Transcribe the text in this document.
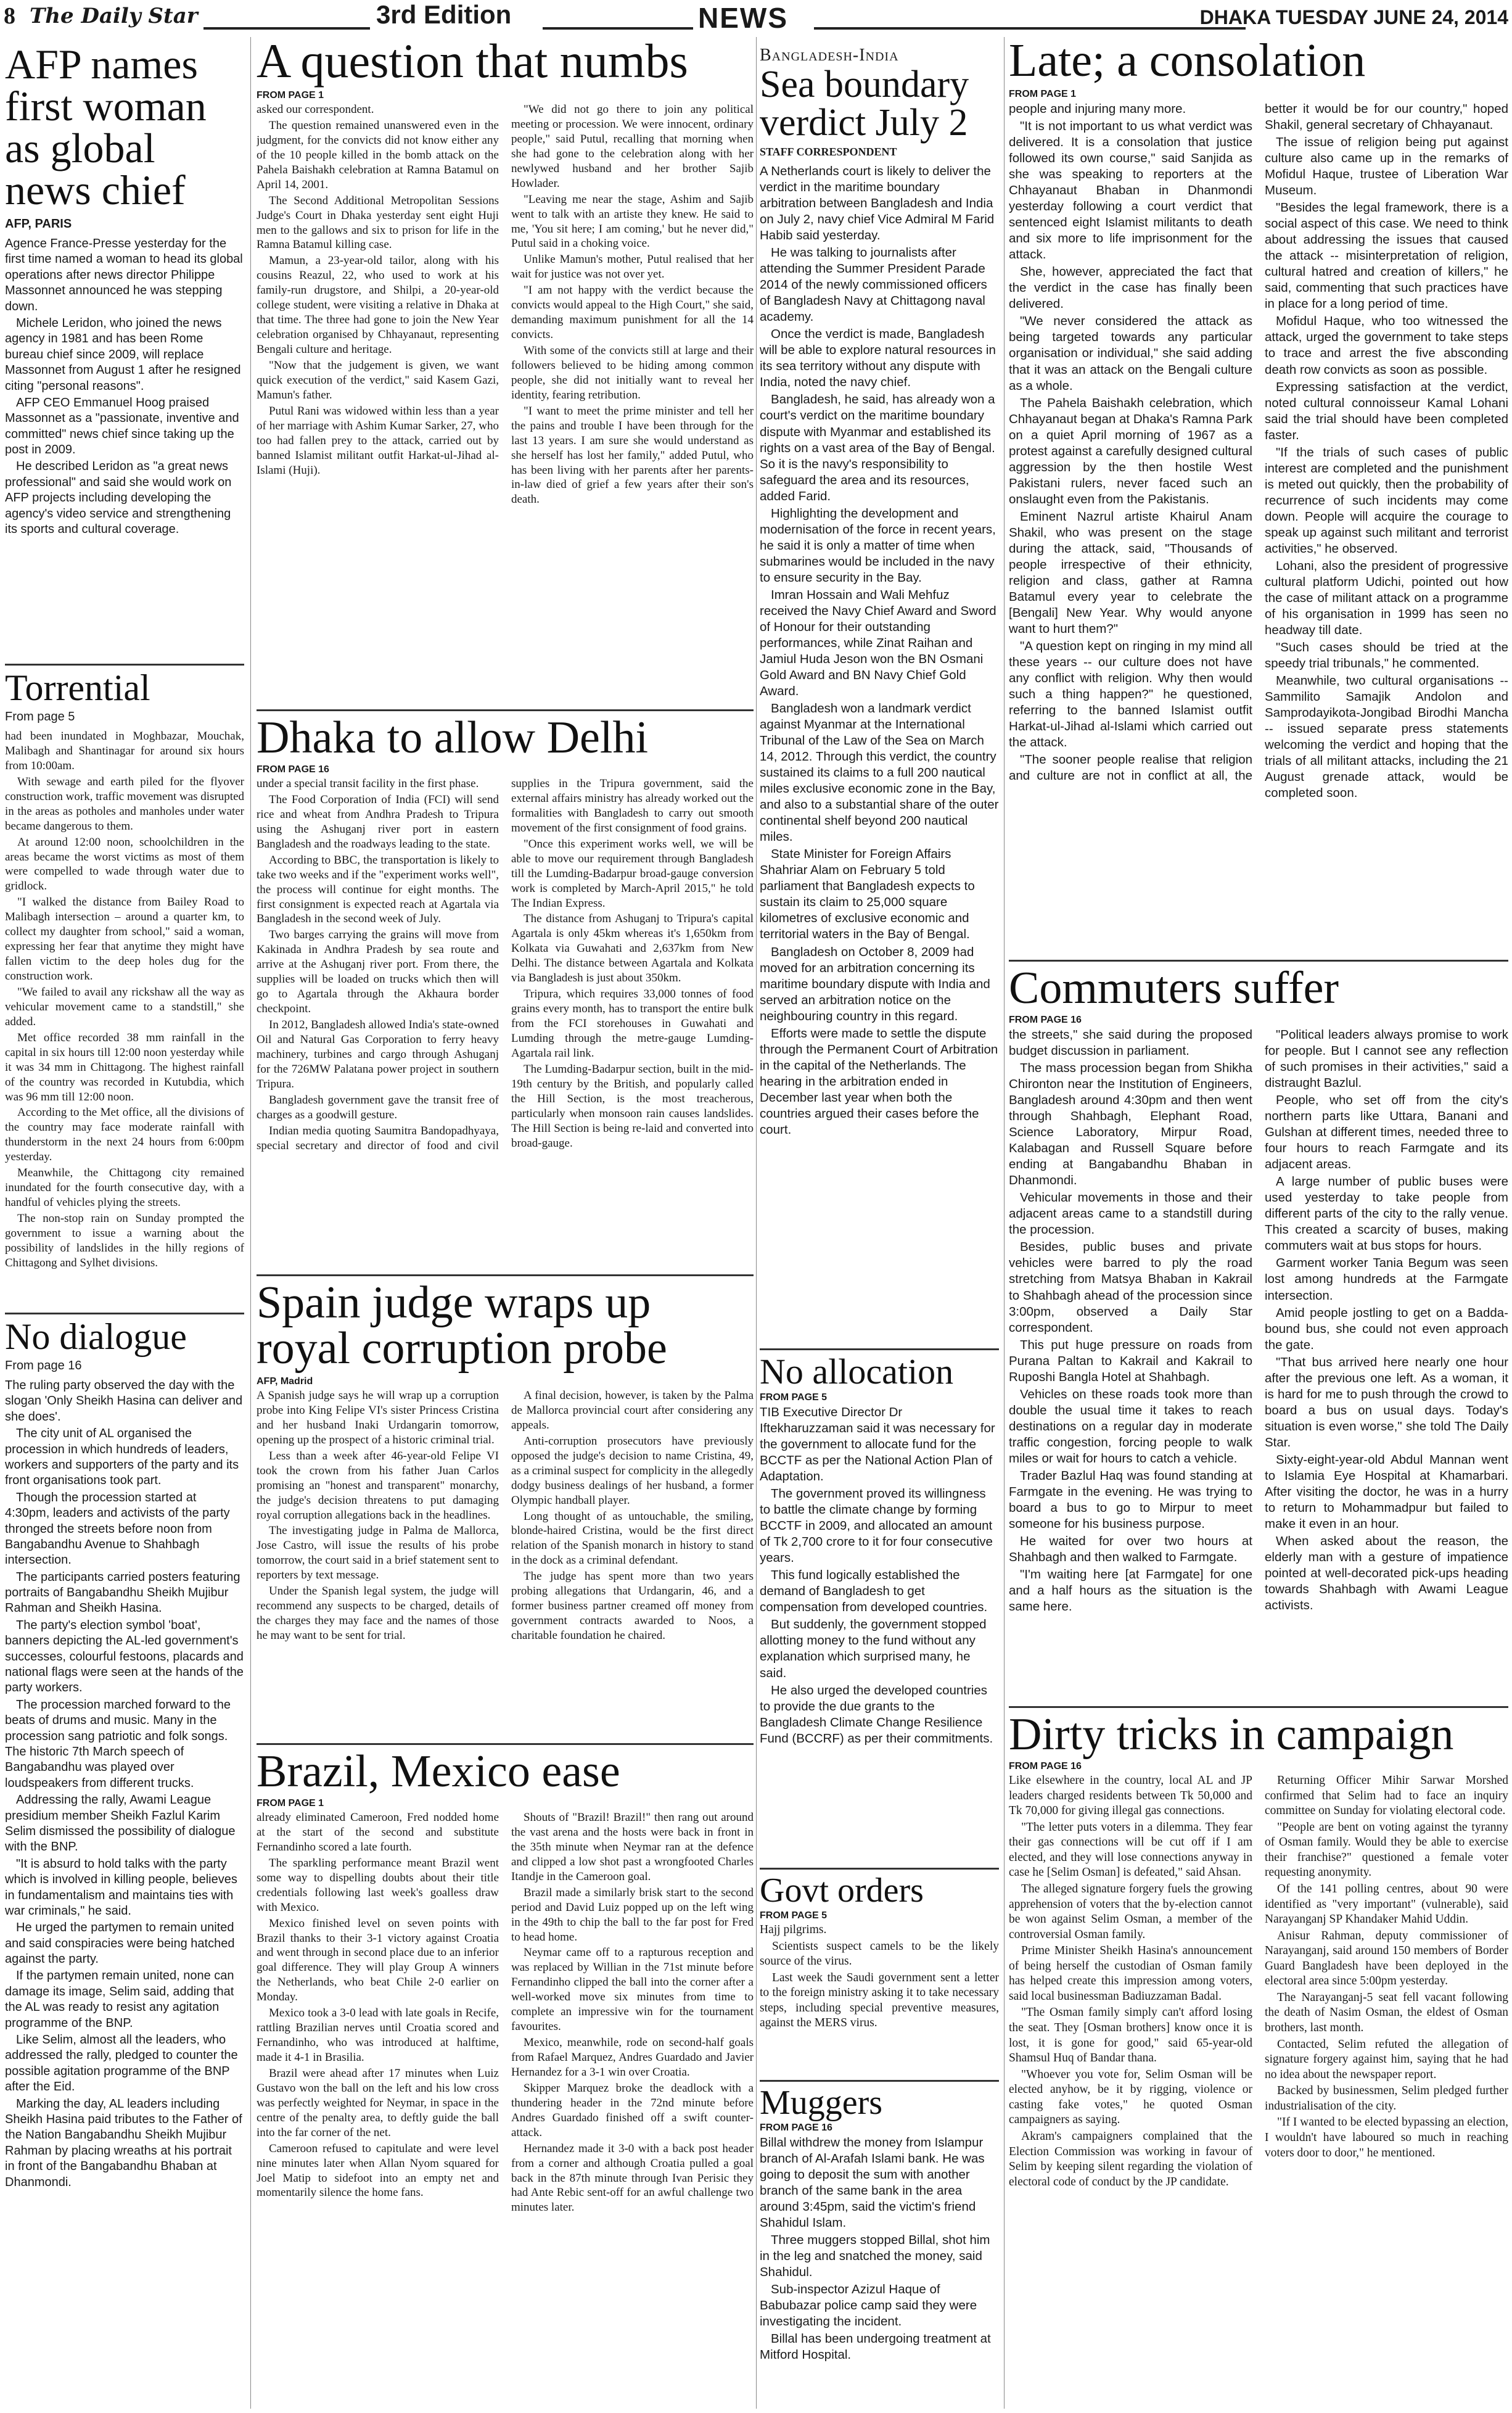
8 The Daily Star	3rd Edition	NEWS	DHAKA TUESDAY JUNE 24, 2014
AFP names first woman as global news chief
AFP, PARIS

Agence France-Presse yesterday for the first time named a woman to head its global operations after news director Philippe Massonnet announced he was stepping down.

Michele Leridon, who joined the news agency in 1981 and has been Rome bureau chief since 2009, will replace Massonnet from August 1 after he resigned citing "personal reasons".

AFP CEO Emmanuel Hoog praised Massonnet as a "passionate, inventive and committed" news chief since taking up the post in 2009.

He described Leridon as "a great news professional" and said she would work on AFP projects including developing the agency's video service and strengthening its sports and cultural coverage.

Torrential
From page 5

had been inundated in Moghbazar, Mouchak, Malibagh and Shantinagar for around six hours from 10:00am.

With sewage and earth piled for the flyover construction work, traffic movement was disrupted in the areas as potholes and manholes under water became dangerous to them.

At around 12:00 noon, schoolchildren in the areas became the worst victims as most of them were compelled to wade through water due to gridlock.

"I walked the distance from Bailey Road to Malibagh intersection – around a quarter km, to collect my daughter from school," said a woman, expressing her fear that anytime they might have fallen victim to the deep holes dug for the construction work.

"We failed to avail any rickshaw all the way as vehicular movement came to a standstill," she added.

Met office recorded 38 mm rainfall in the capital in six hours till 12:00 noon yesterday while it was 34 mm in Chittagong. The highest rainfall of the country was recorded in Kutubdia, which was 96 mm till 12:00 noon.

According to the Met office, all the divisions of the country may face moderate rainfall with thunderstorm in the next 24 hours from 6:00pm yesterday.

Meanwhile, the Chittagong city remained inundated for the fourth consecutive day, with a handful of vehicles plying the streets.

The non-stop rain on Sunday prompted the government to issue a warning about the possibility of landslides in the hilly regions of Chittagong and Sylhet divisions.

No dialogue
From page 16

The ruling party observed the day with the slogan 'Only Sheikh Hasina can deliver and she does'.

The city unit of AL organised the procession in which hundreds of leaders, workers and supporters of the party and its front organisations took part.

Though the procession started at 4:30pm, leaders and activists of the party thronged the streets before noon from Bangabandhu Avenue to Shahbagh intersection.

The participants carried posters featuring portraits of Bangabandhu Sheikh Mujibur Rahman and Sheikh Hasina.

The party's election symbol 'boat', banners depicting the AL-led government's successes, colourful festoons, placards and national flags were seen at the hands of the party workers.

The procession marched forward to the beats of drums and music. Many in the procession sang patriotic and folk songs. The historic 7th March speech of Bangabandhu was played over loudspeakers from different trucks.

Addressing the rally, Awami League presidium member Sheikh Fazlul Karim Selim dismissed the possibility of dialogue with the BNP.

"It is absurd to hold talks with the party which is involved in killing people, believes in fundamentalism and maintains ties with war criminals," he said.

He urged the partymen to remain united and said conspiracies were being hatched against the party.

If the partymen remain united, none can damage its image, Selim said, adding that the AL was ready to resist any agitation programme of the BNP.

Like Selim, almost all the leaders, who addressed the rally, pledged to counter the possible agitation programme of the BNP after the Eid.

Marking the day, AL leaders including Sheikh Hasina paid tributes to the Father of the Nation Bangabandhu Sheikh Mujibur Rahman by placing wreaths at his portrait in front of the Bangabandhu Bhaban at Dhanmondi.

A question that numbs
FROM PAGE 1

asked our correspondent.

The question remained unanswered even in the judgment, for the convicts did not know either any of the 10 people killed in the bomb attack on the Pahela Baishakh celebration at Ramna Batamul on April 14, 2001.

The Second Additional Metropolitan Sessions Judge's Court in Dhaka yesterday sent eight Huji men to the gallows and six to prison for life in the Ramna Batamul killing case.

Mamun, a 23-year-old tailor, along with his cousins Reazul, 22, who used to work at his family-run drugstore, and Shilpi, a 20-year-old college student, were visiting a relative in Dhaka at that time. The three had gone to join the New Year celebration organised by Chhayanaut, representing Bengali culture and heritage.

"Now that the judgement is given, we want quick execution of the verdict," said Kasem Gazi, Mamun's father.

Putul Rani was widowed within less than a year of her marriage with Ashim Kumar Sarker, 27, who too had fallen prey to the attack, carried out by banned Islamist militant outfit Harkat-ul-Jihad al-Islami (Huji).

"We did not go there to join any political meeting or procession. We were innocent, ordinary people," said Putul, recalling that morning when she had gone to the celebration along with her newlywed husband and her brother Sajib Howlader.

"Leaving me near the stage, Ashim and Sajib went to talk with an artiste they knew. He said to me, 'You sit here; I am coming,' but he never did," Putul said in a choking voice.

Unlike Mamun's mother, Putul realised that her wait for justice was not over yet.

"I am not happy with the verdict because the convicts would appeal to the High Court," she said, demanding maximum punishment for all the 14 convicts.

With some of the convicts still at large and their followers believed to be hiding among common people, she did not initially want to reveal her identity, fearing retribution.

"I want to meet the prime minister and tell her the pains and trouble I have been through for the last 13 years. I am sure she would understand as she herself has lost her family," added Putul, who has been living with her parents after her parents-in-law died of grief a few years after their son's death.

Dhaka to allow Delhi
FROM PAGE 16

under a special transit facility in the first phase.

The Food Corporation of India (FCI) will send rice and wheat from Andhra Pradesh to Tripura using the Ashuganj river port in eastern Bangladesh and the roadways leading to the state.

According to BBC, the transportation is likely to take two weeks and if the "experiment works well", the process will continue for eight months. The first consignment is expected reach at Agartala via Bangladesh in the second week of July.

Two barges carrying the grains will move from Kakinada in Andhra Pradesh by sea route and arrive at the Ashuganj river port. From there, the supplies will be loaded on trucks which then will go to Agartala through the Akhaura border checkpoint.

In 2012, Bangladesh allowed India's state-owned Oil and Natural Gas Corporation to ferry heavy machinery, turbines and cargo through Ashuganj for the 726MW Palatana power project in southern Tripura.

Bangladesh government gave the transit free of charges as a goodwill gesture.

Indian media quoting Saumitra Bandopadhyaya, special secretary and director of food and civil supplies in the Tripura government, said the external affairs ministry has already worked out the formalities with Bangladesh to carry out smooth movement of the first consignment of food grains.

"Once this experiment works well, we will be able to move our requirement through Bangladesh till the Lumding-Badarpur broad-gauge conversion work is completed by March-April 2015," he told The Indian Express.

The distance from Ashuganj to Tripura's capital Agartala is only 45km whereas it's 1,650km from Kolkata via Guwahati and 2,637km from New Delhi. The distance between Agartala and Kolkata via Bangladesh is just about 350km.

Tripura, which requires 33,000 tonnes of food grains every month, has to transport the entire bulk from the FCI storehouses in Guwahati and Lumding through the metre-gauge Lumding-Agartala rail link.

The Lumding-Badarpur section, built in the mid-19th century by the British, and popularly called the Hill Section, is the most treacherous, particularly when monsoon rain causes landslides. The Hill Section is being re-laid and converted into broad-gauge.

Spain judge wraps up royal corruption probe
AFP, Madrid

A Spanish judge says he will wrap up a corruption probe into King Felipe VI's sister Princess Cristina and her husband Inaki Urdangarin tomorrow, opening up the prospect of a historic criminal trial.

Less than a week after 46-year-old Felipe VI took the crown from his father Juan Carlos promising an "honest and transparent" monarchy, the judge's decision threatens to put damaging royal corruption allegations back in the headlines.

The investigating judge in Palma de Mallorca, Jose Castro, will issue the results of his probe tomorrow, the court said in a brief statement sent to reporters by text message.

Under the Spanish legal system, the judge will recommend any suspects to be charged, details of the charges they may face and the names of those he may want to be sent for trial.

A final decision, however, is taken by the Palma de Mallorca provincial court after considering any appeals.

Anti-corruption prosecutors have previously opposed the judge's decision to name Cristina, 49, as a criminal suspect for complicity in the allegedly dodgy business dealings of her husband, a former Olympic handball player.

Long thought of as untouchable, the smiling, blonde-haired Cristina, would be the first direct relation of the Spanish monarch in history to stand in the dock as a criminal defendant.

The judge has spent more than two years probing allegations that Urdangarin, 46, and a former business partner creamed off money from government contracts awarded to Noos, a charitable foundation he chaired.

Brazil, Mexico ease
FROM PAGE 1

already eliminated Cameroon, Fred nodded home at the start of the second and substitute Fernandinho scored a late fourth.

The sparkling performance meant Brazil went some way to dispelling doubts about their title credentials following last week's goalless draw with Mexico.

Mexico finished level on seven points with Brazil thanks to their 3-1 victory against Croatia and went through in second place due to an inferior goal difference. They will play Group A winners the Netherlands, who beat Chile 2-0 earlier on Monday.

Mexico took a 3-0 lead with late goals in Recife, rattling Brazilian nerves until Croatia scored and Fernandinho, who was introduced at halftime, made it 4-1 in Brasilia.

Brazil were ahead after 17 minutes when Luiz Gustavo won the ball on the left and his low cross was perfectly weighted for Neymar, in space in the centre of the penalty area, to deftly guide the ball into the far corner of the net.

Cameroon refused to capitulate and were level nine minutes later when Allan Nyom squared for Joel Matip to sidefoot into an empty net and momentarily silence the home fans.

Shouts of "Brazil! Brazil!" then rang out around the vast arena and the hosts were back in front in the 35th minute when Neymar ran at the defence and clipped a low shot past a wrongfooted Charles Itandje in the Cameroon goal.

Brazil made a similarly brisk start to the second period and David Luiz popped up on the left wing in the 49th to chip the ball to the far post for Fred to head home.

Neymar came off to a rapturous reception and was replaced by Willian in the 71st minute before Fernandinho clipped the ball into the corner after a well-worked move six minutes from time to complete an impressive win for the tournament favourites.

Mexico, meanwhile, rode on second-half goals from Rafael Marquez, Andres Guardado and Javier Hernandez for a 3-1 win over Croatia.

Skipper Marquez broke the deadlock with a thundering header in the 72nd minute before Andres Guardado finished off a swift counter-attack.

Hernandez made it 3-0 with a back post header from a corner and although Croatia pulled a goal back in the 87th minute through Ivan Perisic they had Ante Rebic sent-off for an awful challenge two minutes later.

Bangladesh-India
Sea boundary verdict July 2
STAFF CORRESPONDENT

A Netherlands court is likely to deliver the verdict in the maritime boundary arbitration between Bangladesh and India on July 2, navy chief Vice Admiral M Farid Habib said yesterday.

He was talking to journalists after attending the Summer President Parade 2014 of the newly commissioned officers of Bangladesh Navy at Chittagong naval academy.

Once the verdict is made, Bangladesh will be able to explore natural resources in its sea territory without any dispute with India, noted the navy chief.

Bangladesh, he said, has already won a court's verdict on the maritime boundary dispute with Myanmar and established its rights on a vast area of the Bay of Bengal. So it is the navy's responsibility to safeguard the area and its resources, added Farid.

Highlighting the development and modernisation of the force in recent years, he said it is only a matter of time when submarines would be included in the navy to ensure security in the Bay.

Imran Hossain and Wali Mehfuz received the Navy Chief Award and Sword of Honour for their outstanding performances, while Zinat Raihan and Jamiul Huda Jeson won the BN Osmani Gold Award and BN Navy Chief Gold Award.

Bangladesh won a landmark verdict against Myanmar at the International Tribunal of the Law of the Sea on March 14, 2012. Through this verdict, the country sustained its claims to a full 200 nautical miles exclusive economic zone in the Bay, and also to a substantial share of the outer continental shelf beyond 200 nautical miles.

State Minister for Foreign Affairs Shahriar Alam on February 5 told parliament that Bangladesh expects to sustain its claim to 25,000 square kilometres of exclusive economic and territorial waters in the Bay of Bengal.

Bangladesh on October 8, 2009 had moved for an arbitration concerning its maritime boundary dispute with India and served an arbitration notice on the neighbouring country in this regard.

Efforts were made to settle the dispute through the Permanent Court of Arbitration in the capital of the Netherlands. The hearing in the arbitration ended in December last year when both the countries argued their cases before the court.

No allocation
FROM PAGE 5

TIB Executive Director Dr Iftekharuzzaman said it was necessary for the government to allocate fund for the BCCTF as per the National Action Plan of Adaptation.

The government proved its willingness to battle the climate change by forming BCCTF in 2009, and allocated an amount of Tk 2,700 crore to it for four consecutive years.

This fund logically established the demand of Bangladesh to get compensation from developed countries.

But suddenly, the government stopped allotting money to the fund without any explanation which surprised many, he said.

He also urged the developed countries to provide the due grants to the Bangladesh Climate Change Resilience Fund (BCCRF) as per their commitments.

Govt orders
FROM PAGE 5

Hajj pilgrims.

Scientists suspect camels to be the likely source of the virus.

Last week the Saudi government sent a letter to the foreign ministry asking it to take necessary steps, including special preventive measures, against the MERS virus.

Muggers
FROM PAGE 16

Billal withdrew the money from Islampur branch of Al-Arafah Islami bank. He was going to deposit the sum with another branch of the same bank in the area around 3:45pm, said the victim's friend Shahidul Islam.

Three muggers stopped Billal, shot him in the leg and snatched the money, said Shahidul.

Sub-inspector Azizul Haque of Babubazar police camp said they were investigating the incident.

Billal has been undergoing treatment at Mitford Hospital.

Late; a consolation
FROM PAGE 1

people and injuring many more.

"It is not important to us what verdict was delivered. It is a consolation that justice followed its own course," said Sanjida as she was speaking to reporters at the Chhayanaut Bhaban in Dhanmondi yesterday following a court verdict that sentenced eight Islamist militants to death and six more to life imprisonment for the attack.

She, however, appreciated the fact that the verdict in the case has finally been delivered.

"We never considered the attack as being targeted towards any particular organisation or individual," she said adding that it was an attack on the Bengali culture as a whole.

The Pahela Baishakh celebration, which Chhayanaut began at Dhaka's Ramna Park on a quiet April morning of 1967 as a protest against a carefully designed cultural aggression by the then hostile West Pakistani rulers, never faced such an onslaught even from the Pakistanis.

Eminent Nazrul artiste Khairul Anam Shakil, who was present on the stage during the attack, said, "Thousands of people irrespective of their ethnicity, religion and class, gather at Ramna Batamul every year to celebrate the [Bengali] New Year. Why would anyone want to hurt them?"

"A question kept on ringing in my mind all these years -- our culture does not have any conflict with religion. Why then would such a thing happen?" he questioned, referring to the banned Islamist outfit Harkat-ul-Jihad al-Islami which carried out the attack.

"The sooner people realise that religion and culture are not in conflict at all, the better it would be for our country," hoped Shakil, general secretary of Chhayanaut.

The issue of religion being put against culture also came up in the remarks of Mofidul Haque, trustee of Liberation War Museum.

"Besides the legal framework, there is a social aspect of this case. We need to think about addressing the issues that caused the attack -- misinterpretation of religion, cultural hatred and creation of killers," he said, commenting that such practices have in place for a long period of time.

Mofidul Haque, who too witnessed the attack, urged the government to take steps to trace and arrest the five absconding death row convicts as soon as possible.

Expressing satisfaction at the verdict, noted cultural connoisseur Kamal Lohani said the trial should have been completed faster.

"If the trials of such cases of public interest are completed and the punishment is meted out quickly, then the probability of recurrence of such incidents may come down. People will acquire the courage to speak up against such militant and terrorist activities," he observed.

Lohani, also the president of progressive cultural platform Udichi, pointed out how the case of militant attack on a programme of his organisation in 1999 has seen no headway till date.

"Such cases should be tried at the speedy trial tribunals," he commented.

Meanwhile, two cultural organisations -- Sammilito Samajik Andolon and Samprodayikota-Jongibad Birodhi Mancha -- issued separate press statements welcoming the verdict and hoping that the trials of all militant attacks, including the 21 August grenade attack, would be completed soon.

Commuters suffer
FROM PAGE 16

the streets," she said during the proposed budget discussion in parliament.

The mass procession began from Shikha Chironton near the Institution of Engineers, Bangladesh around 4:30pm and then went through Shahbagh, Elephant Road, Science Laboratory, Mirpur Road, Kalabagan and Russell Square before ending at Bangabandhu Bhaban in Dhanmondi.

Vehicular movements in those and their adjacent areas came to a standstill during the procession.

Besides, public buses and private vehicles were barred to ply the road stretching from Matsya Bhaban in Kakrail to Shahbagh ahead of the procession since 3:00pm, observed a Daily Star correspondent.

This put huge pressure on roads from Purana Paltan to Kakrail and Kakrail to Ruposhi Bangla Hotel at Shahbagh.

Vehicles on these roads took more than double the usual time it takes to reach destinations on a regular day in moderate traffic congestion, forcing people to walk miles or wait for hours to catch a vehicle.

Trader Bazlul Haq was found standing at Farmgate in the evening. He was trying to board a bus to go to Mirpur to meet someone for his business purpose.

He waited for over two hours at Shahbagh and then walked to Farmgate.

"I'm waiting here [at Farmgate] for one and a half hours as the situation is the same here.

"Political leaders always promise to work for people. But I cannot see any reflection of such promises in their activities," said a distraught Bazlul.

People, who set off from the city's northern parts like Uttara, Banani and Gulshan at different times, needed three to four hours to reach Farmgate and its adjacent areas.

A large number of public buses were used yesterday to take people from different parts of the city to the rally venue. This created a scarcity of buses, making commuters wait at bus stops for hours.

Garment worker Tania Begum was seen lost among hundreds at the Farmgate intersection.

Amid people jostling to get on a Badda-bound bus, she could not even approach the gate.

"That bus arrived here nearly one hour after the previous one left. As a woman, it is hard for me to push through the crowd to board a bus on usual days. Today's situation is even worse," she told The Daily Star.

Sixty-eight-year-old Abdul Mannan went to Islamia Eye Hospital at Khamarbari. After visiting the doctor, he was in a hurry to return to Mohammadpur but failed to make it even in an hour.

When asked about the reason, the elderly man with a gesture of impatience pointed at well-decorated pick-ups heading towards Shahbagh with Awami League activists.

Dirty tricks in campaign
FROM PAGE 16

Like elsewhere in the country, local AL and JP leaders charged residents between Tk 50,000 and Tk 70,000 for giving illegal gas connections.

"The letter puts voters in a dilemma. They fear their gas connections will be cut off if I am elected, and they will lose connections anyway in case he [Selim Osman] is defeated," said Ahsan.

The alleged signature forgery fuels the growing apprehension of voters that the by-election cannot be won against Selim Osman, a member of the controversial Osman family.

Prime Minister Sheikh Hasina's announcement of being herself the custodian of Osman family has helped create this impression among voters, said local businessman Badiuzzaman Badal.

"The Osman family simply can't afford losing the seat. They [Osman brothers] know once it is lost, it is gone for good," said 65-year-old Shamsul Huq of Bandar thana.

"Whoever you vote for, Selim Osman will be elected anyhow, be it by rigging, violence or casting fake votes," he quoted Osman campaigners as saying.

Akram's campaigners complained that the Election Commission was working in favour of Selim by keeping silent regarding the violation of electoral code of conduct by the JP candidate.

Returning Officer Mihir Sarwar Morshed confirmed that Selim had to face an inquiry committee on Sunday for violating electoral code.

"People are bent on voting against the tyranny of Osman family. Would they be able to exercise their franchise?" questioned a female voter requesting anonymity.

Of the 141 polling centres, about 90 were identified as "very important" (vulnerable), said Narayanganj SP Khandaker Mahid Uddin.

Anisur Rahman, deputy commissioner of Narayanganj, said around 150 members of Border Guard Bangladesh have been deployed in the electoral area since 5:00pm yesterday.

The Narayanganj-5 seat fell vacant following the death of Nasim Osman, the eldest of Osman brothers, last month.

Contacted, Selim refuted the allegation of signature forgery against him, saying that he had no idea about the newspaper report.

Backed by businessmen, Selim pledged further industrialisation of the city.

"If I wanted to be elected bypassing an election, I wouldn't have laboured so much in reaching voters door to door," he mentioned.
